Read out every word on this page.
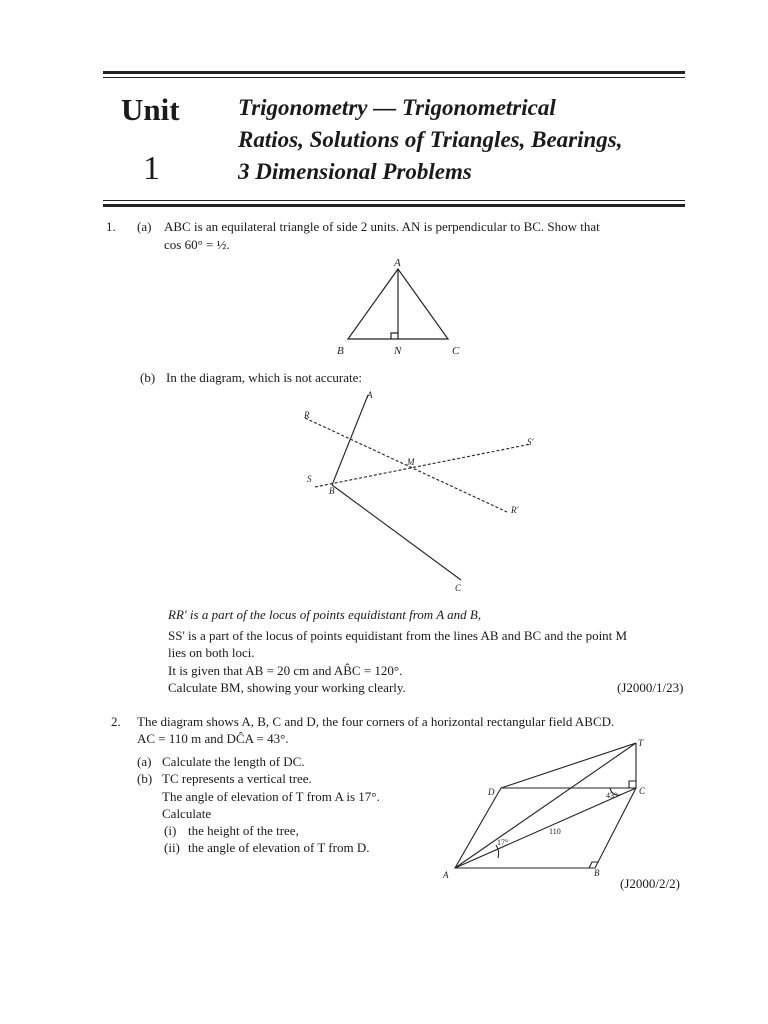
Unit
1
Trigonometry — Trigonometrical
Ratios, Solutions of Triangles, Bearings,
3 Dimensional Problems
1. (a) ABC is an equilateral triangle of side 2 units. AN is perpendicular to BC. Show that
cos 60° = ½.
A
B	N	C
(b) In the diagram, which is not accurate:
A
R
S
M
S'
B
R'
C
RR' is a part of the locus of points equidistant from A and B,
SS' is a part of the locus of points equidistant from the lines AB and BC and the point M
lies on both loci.
It is given that AB = 20 cm and AB̂C = 120°.
Calculate BM, showing your working clearly.	(J2000/1/23)
2. The diagram shows A, B, C and D, the four corners of a horizontal rectangular field ABCD.
AC = 110 m and DĈA = 43°.
(a) Calculate the length of DC.
(b) TC represents a vertical tree.
The angle of elevation of T from A is 17°.
Calculate
(i) the height of the tree,
(ii) the angle of elevation of T from D.
T
D	C
A	B
43°
17°
110
(J2000/2/2)
